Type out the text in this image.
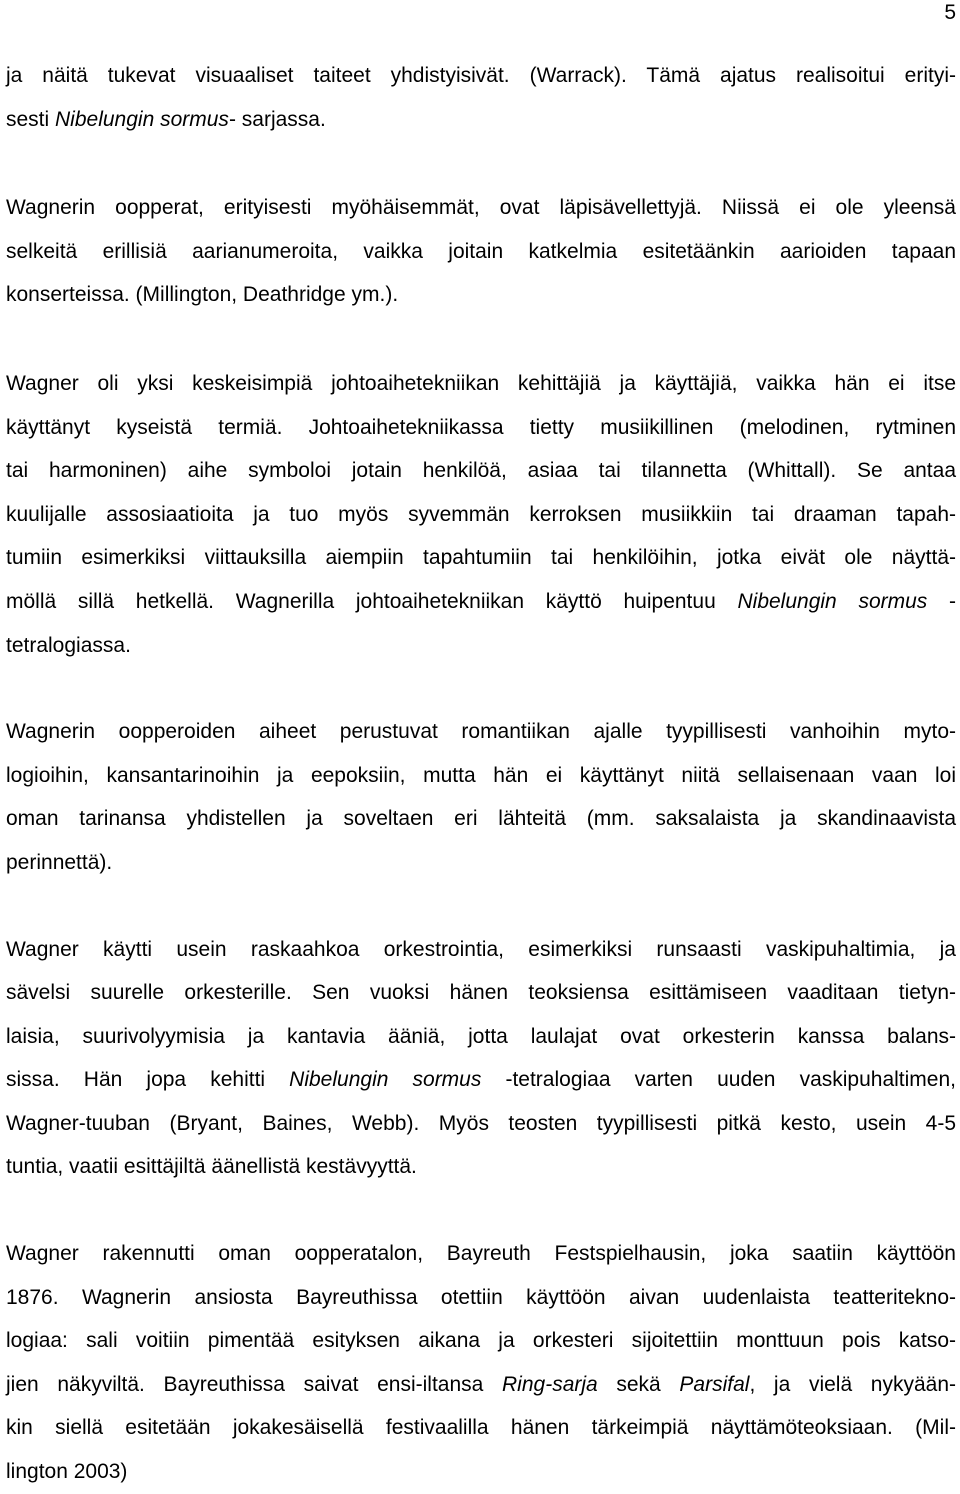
5

ja näitä tukevat visuaaliset taiteet yhdistyisivät. (Warrack). Tämä ajatus realisoitui erityi-
sesti Nibelungin sormus- sarjassa.

Wagnerin oopperat, erityisesti myöhäisemmät, ovat läpisävellettyjä. Niissä ei ole yleensä
selkeitä erillisiä aarianumeroita, vaikka joitain katkelmia esitetäänkin aarioiden tapaan
konserteissa. (Millington, Deathridge ym.).

Wagner oli yksi keskeisimpiä johtoaihetekniikan kehittäjiä ja käyttäjiä, vaikka hän ei itse
käyttänyt kyseistä termiä. Johtoaihetekniikassa tietty musiikillinen (melodinen, rytminen
tai harmoninen) aihe symboloi jotain henkilöä, asiaa tai tilannetta (Whittall). Se antaa
kuulijalle assosiaatioita ja tuo myös syvemmän kerroksen musiikkiin tai draaman tapah-
tumiin esimerkiksi viittauksilla aiempiin tapahtumiin tai henkilöihin, jotka eivät ole näyttä-
möllä sillä hetkellä. Wagnerilla johtoaihetekniikan käyttö huipentuu Nibelungin sormus -
tetralogiassa.

Wagnerin oopperoiden aiheet perustuvat romantiikan ajalle tyypillisesti vanhoihin myto-
logioihin, kansantarinoihin ja eepoksiin, mutta hän ei käyttänyt niitä sellaisenaan vaan loi
oman tarinansa yhdistellen ja soveltaen eri lähteitä (mm. saksalaista ja skandinaavista
perinnettä).

Wagner käytti usein raskaahkoa orkestrointia, esimerkiksi runsaasti vaskipuhaltimia, ja
sävelsi suurelle orkesterille. Sen vuoksi hänen teoksiensa esittämiseen vaaditaan tietyn-
laisia, suurivolyymisia ja kantavia ääniä, jotta laulajat ovat orkesterin kanssa balans-
sissa. Hän jopa kehitti Nibelungin sormus -tetralogiaa varten uuden vaskipuhaltimen,
Wagner-tuuban (Bryant, Baines, Webb). Myös teosten tyypillisesti pitkä kesto, usein 4-5
tuntia, vaatii esittäjiltä äänellistä kestävyyttä.

Wagner rakennutti oman oopperatalon, Bayreuth Festspielhausin, joka saatiin käyttöön
1876. Wagnerin ansiosta Bayreuthissa otettiin käyttöön aivan uudenlaista teatteritekno-
logiaa: sali voitiin pimentää esityksen aikana ja orkesteri sijoitettiin monttuun pois katso-
jien näkyviltä. Bayreuthissa saivat ensi-iltansa Ring-sarja sekä Parsifal, ja vielä nykyään-
kin siellä esitetään jokakesäisellä festivaalilla hänen tärkeimpiä näyttämöteoksiaan. (Mil-
lington 2003)
